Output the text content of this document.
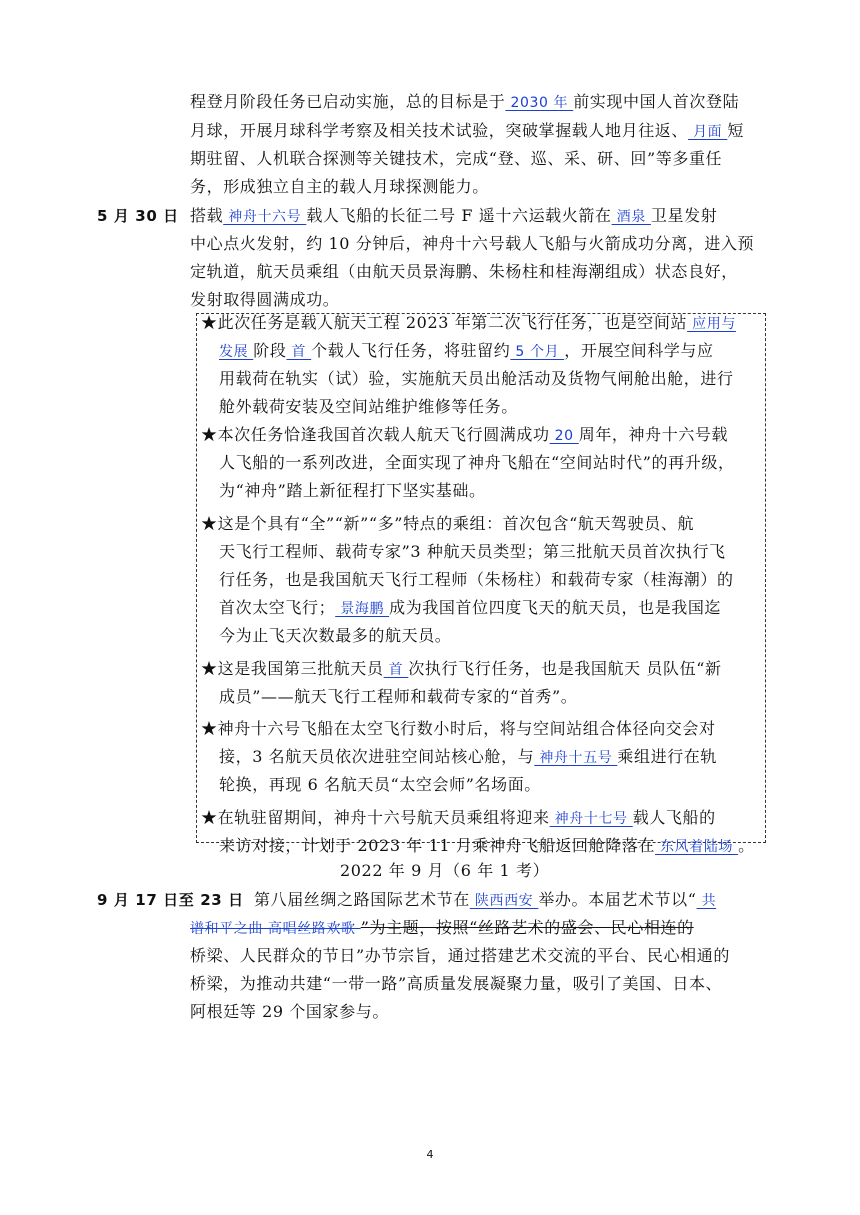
程登月阶段任务已启动实施，总的目标是于 2030 年 前实现中国人首次登陆
月球，开展月球科学考察及相关技术试验，突破掌握载人地月往返、 月面 短
期驻留、人机联合探测等关键技术，完成“登、巡、采、研、回”等多重任
务，形成独立自主的载人月球探测能力。
5 月 30 日 搭载 神舟十六号 载人飞船的长征二号 F 遥十六运载火箭在 酒泉 卫星发射
中心点火发射，约 10 分钟后，神舟十六号载人飞船与火箭成功分离，进入预
定轨道，航天员乘组（由航天员景海鹏、朱杨柱和桂海潮组成）状态良好，
发射取得圆满成功。
★此次任务是载人航天工程 2023 年第二次飞行任务，也是空间站 应用与
发展 阶段 首 个载人飞行任务，将驻留约 5 个月 ，开展空间科学与应
用载荷在轨实（试）验，实施航天员出舱活动及货物气闸舱出舱，进行
舱外载荷安装及空间站维护维修等任务。
★本次任务恰逢我国首次载人航天飞行圆满成功 20 周年，神舟十六号载
人飞船的一系列改进，全面实现了神舟飞船在“空间站时代”的再升级，
为“神舟”踏上新征程打下坚实基础。
★这是个具有“全”“新”“多”特点的乘组：首次包含“航天驾驶员、航
天飞行工程师、载荷专家”3 种航天员类型；第三批航天员首次执行飞
行任务，也是我国航天飞行工程师（朱杨柱）和载荷专家（桂海潮）的
首次太空飞行； 景海鹏 成为我国首位四度飞天的航天员，也是我国迄
今为止飞天次数最多的航天员。
★这是我国第三批航天员 首 次执行飞行任务，也是我国航天 员队伍“新
成员”——航天飞行工程师和载荷专家的“首秀”。
★神舟十六号飞船在太空飞行数小时后，将与空间站组合体径向交会对
接，3 名航天员依次进驻空间站核心舱，与 神舟十五号 乘组进行在轨
轮换，再现 6 名航天员“太空会师”名场面。
★在轨驻留期间，神舟十六号航天员乘组将迎来 神舟十七号 载人飞船的
来访对接，计划于 2023 年 11 月乘神舟飞船返回舱降落在 东风着陆场 。
2022 年 9 月（6 年 1 考）
9 月 17 日至 23 日 第八届丝绸之路国际艺术节在 陕西西安 举办。本届艺术节以“ 共
谱和平之曲 高唱丝路欢歌 ”为主题，按照“丝路艺术的盛会、民心相连的
桥梁、人民群众的节日”办节宗旨，通过搭建艺术交流的平台、民心相通的
桥梁，为推动共建“一带一路”高质量发展凝聚力量，吸引了美国、日本、
阿根廷等 29 个国家参与。
4
